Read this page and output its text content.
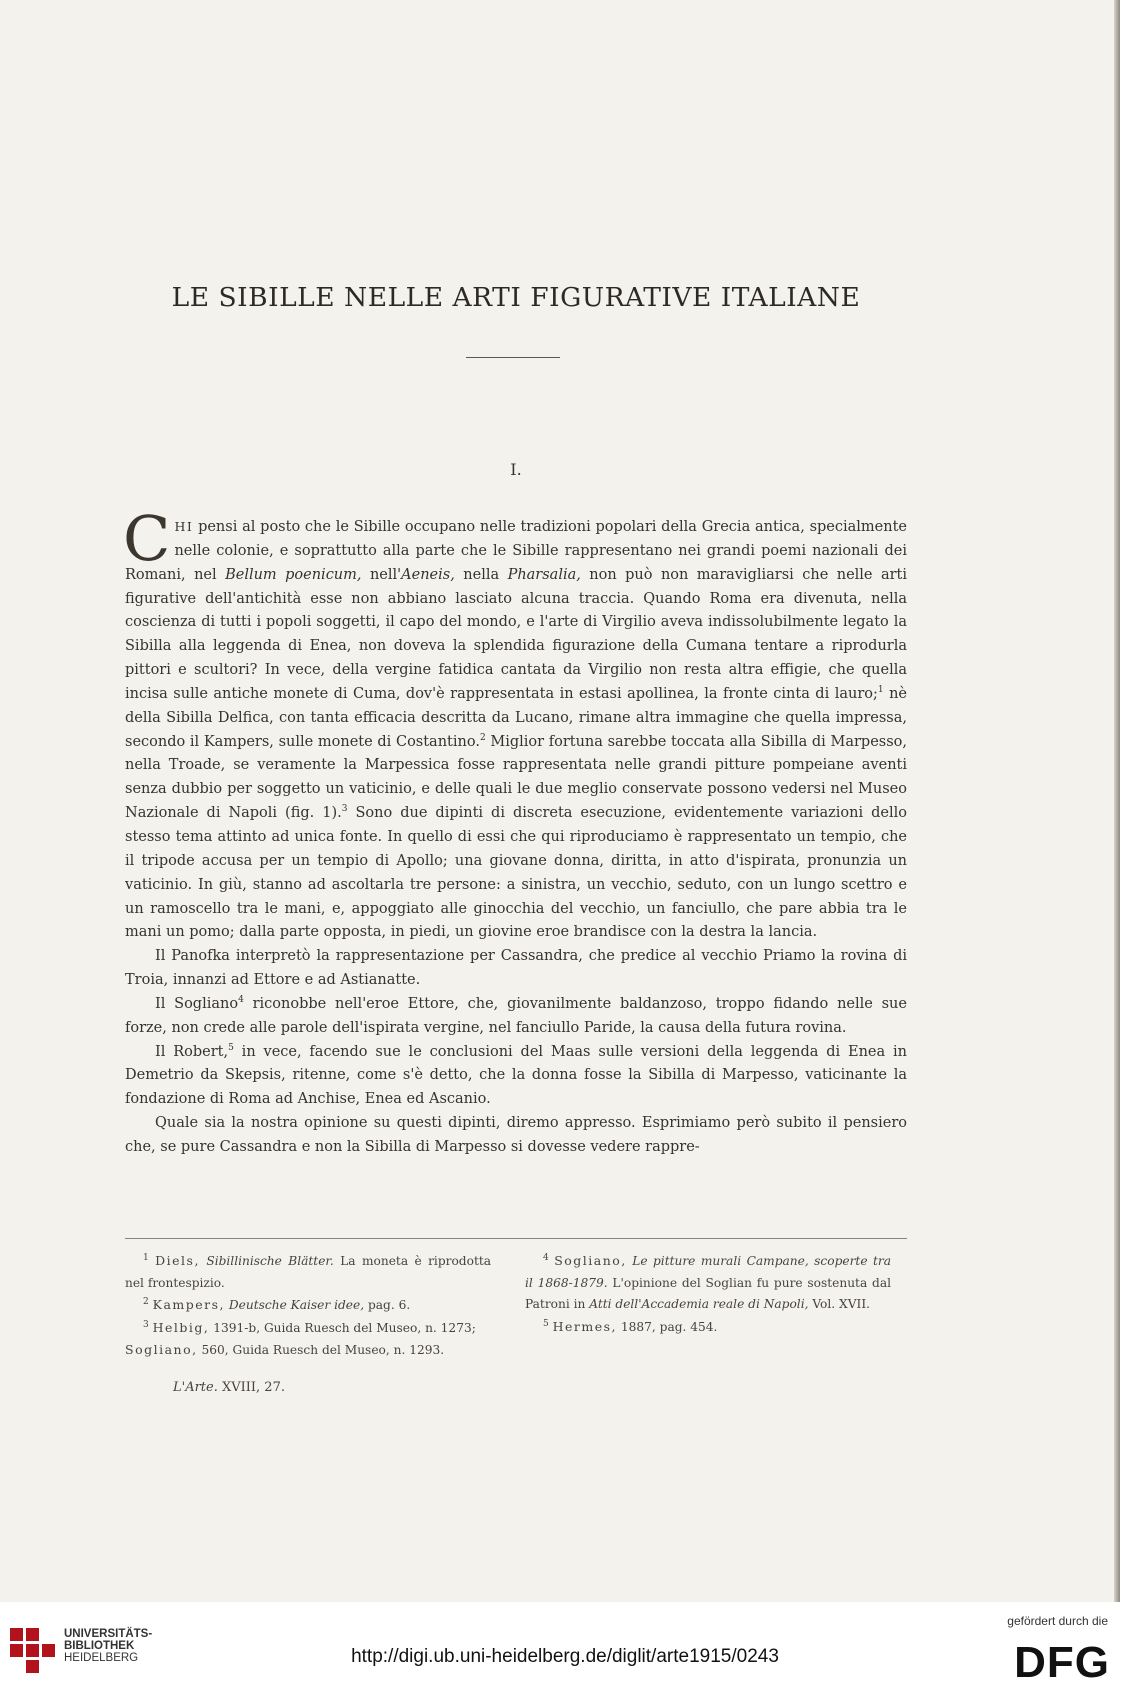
LE SIBILLE NELLE ARTI FIGURATIVE ITALIANE
I.

CHI pensi al posto che le Sibille occupano nelle tradizioni popolari della Grecia antica, specialmente nelle colonie, e soprattutto alla parte che le Sibille rappresentano nei grandi poemi nazionali dei Romani, nel Bellum poenicum, nell'Aeneis, nella Pharsalia, non può non maravigliarsi che nelle arti figurative dell'antichità esse non abbiano lasciato alcuna traccia. Quando Roma era divenuta, nella coscienza di tutti i popoli soggetti, il capo del mondo, e l'arte di Virgilio aveva indissolubilmente legato la Sibilla alla leggenda di Enea, non doveva la splendida figurazione della Cumana tentare a riprodurla pittori e scultori? In vece, della vergine fatidica cantata da Virgilio non resta altra effigie, che quella incisa sulle antiche monete di Cuma, dov'è rappresentata in estasi apollinea, la fronte cinta di lauro;$^1$ nè della Sibilla Delfica, con tanta efficacia descritta da Lucano, rimane altra immagine che quella impressa, secondo il Kampers, sulle monete di Costantino.$^2$ Miglior fortuna sarebbe toccata alla Sibilla di Marpesso, nella Troade, se veramente la Marpessica fosse rappresentata nelle grandi pitture pompeiane aventi senza dubbio per soggetto un vaticinio, e delle quali le due meglio conservate possono vedersi nel Museo Nazionale di Napoli (fig. 1).$^3$ Sono due dipinti di discreta esecuzione, evidentemente variazioni dello stesso tema attinto ad unica fonte. In quello di essi che qui riproduciamo è rappresentato un tempio, che il tripode accusa per un tempio di Apollo; una giovane donna, diritta, in atto d'ispirata, pronunzia un vaticinio. In giù, stanno ad ascoltarla tre persone: a sinistra, un vecchio, seduto, con un lungo scettro e un ramoscello tra le mani, e, appoggiato alle ginocchia del vecchio, un fanciullo, che pare abbia tra le mani un pomo; dalla parte opposta, in piedi, un giovine eroe brandisce con la destra la lancia.

Il Panofka interpretò la rappresentazione per Cassandra, che predice al vecchio Priamo la rovina di Troia, innanzi ad Ettore e ad Astianatte.

Il Sogliano$^4$ riconobbe nell'eroe Ettore, che, giovanilmente baldanzoso, troppo fidando nelle sue forze, non crede alle parole dell'ispirata vergine, nel fanciullo Paride, la causa della futura rovina.

Il Robert,$^5$ in vece, facendo sue le conclusioni del Maas sulle versioni della leggenda di Enea in Demetrio da Skepsis, ritenne, come s'è detto, che la donna fosse la Sibilla di Marpesso, vaticinante la fondazione di Roma ad Anchise, Enea ed Ascanio.

Quale sia la nostra opinione su questi dipinti, diremo appresso. Esprimiamo però subito il pensiero che, se pure Cassandra e non la Sibilla di Marpesso si dovesse vedere rappre-

$^1$ Diels, Sibillinische Blätter. La moneta è riprodotta nel frontespizio.
$^2$ Kampers, Deutsche Kaiser idee, pag. 6.
$^3$ Helbig, 1391-b, Guida Ruesch del Museo, n. 1273;
Sogliano, 560, Guida Ruesch del Museo, n. 1293.
$^4$ Sogliano, Le pitture murali Campane, scoperte tra il 1868-1879. L'opinione del Soglian fu pure sostenuta dal Patroni in Atti dell'Accademia reale di Napoli, Vol. XVII.
$^5$ Hermes, 1887, pag. 454.
L'Arte. XVIII, 27.
UNIVERSITÄTS-
BIBLIOTHEK
HEIDELBERG	http://digi.ub.uni-heidelberg.de/diglit/arte1915/0243
gefördert durch die
DFG
